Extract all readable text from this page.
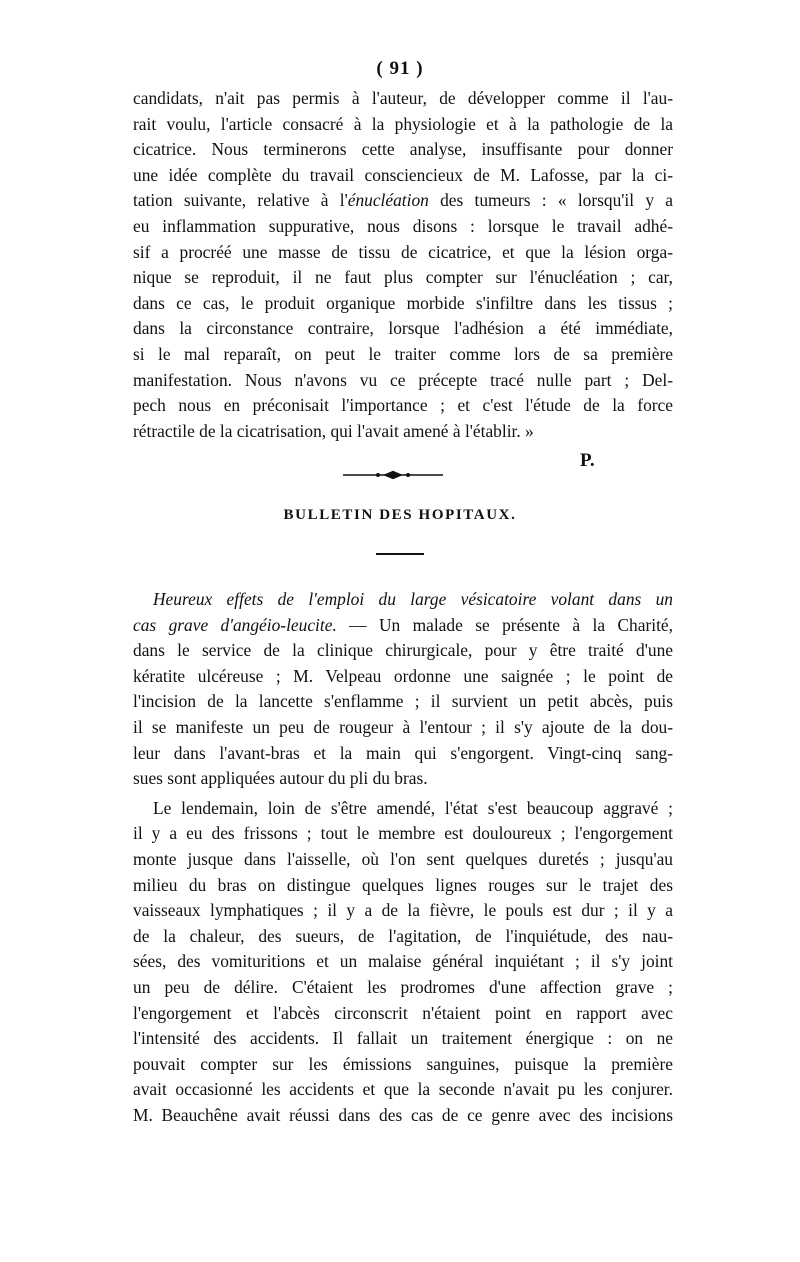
( 91 )
candidats, n'ait pas permis à l'auteur, de développer comme il l'au-
rait voulu, l'article consacré à la physiologie et à la pathologie de la
cicatrice. Nous terminerons cette analyse, insuffisante pour donner
une idée complète du travail consciencieux de M. Lafosse, par la ci-
tation suivante, relative à l'énucléation des tumeurs : « lorsqu'il y a
eu inflammation suppurative, nous disons : lorsque le travail adhé-
sif a procréé une masse de tissu de cicatrice, et que la lésion orga-
nique se reproduit, il ne faut plus compter sur l'énucléation ; car,
dans ce cas, le produit organique morbide s'infiltre dans les tissus ;
dans la circonstance contraire, lorsque l'adhésion a été immédiate,
si le mal reparaît, on peut le traiter comme lors de sa première
manifestation. Nous n'avons vu ce précepte tracé nulle part ; Del-
pech nous en préconisait l'importance ; et c'est l'étude de la force
rétractile de la cicatrisation, qui l'avait amené à l'établir. »
P.
BULLETIN DES HOPITAUX.
Heureux effets de l'emploi du large vésicatoire volant dans un
cas grave d'angéio-leucite. — Un malade se présente à la Charité,
dans le service de la clinique chirurgicale, pour y être traité d'une
kératite ulcéreuse ; M. Velpeau ordonne une saignée ; le point de
l'incision de la lancette s'enflamme ; il survient un petit abcès, puis
il se manifeste un peu de rougeur à l'entour ; il s'y ajoute de la dou-
leur dans l'avant-bras et la main qui s'engorgent. Vingt-cinq sang-
sues sont appliquées autour du pli du bras.
Le lendemain, loin de s'être amendé, l'état s'est beaucoup aggravé ;
il y a eu des frissons ; tout le membre est douloureux ; l'engorgement
monte jusque dans l'aisselle, où l'on sent quelques duretés ; jusqu'au
milieu du bras on distingue quelques lignes rouges sur le trajet des
vaisseaux lymphatiques ; il y a de la fièvre, le pouls est dur ; il y a
de la chaleur, des sueurs, de l'agitation, de l'inquiétude, des nau-
sées, des vomituritions et un malaise général inquiétant ; il s'y joint
un peu de délire. C'étaient les prodromes d'une affection grave ;
l'engorgement et l'abcès circonscrit n'étaient point en rapport avec
l'intensité des accidents. Il fallait un traitement énergique : on ne
pouvait compter sur les émissions sanguines, puisque la première
avait occasionné les accidents et que la seconde n'avait pu les conjurer.
M. Beauchêne avait réussi dans des cas de ce genre avec des incisions
